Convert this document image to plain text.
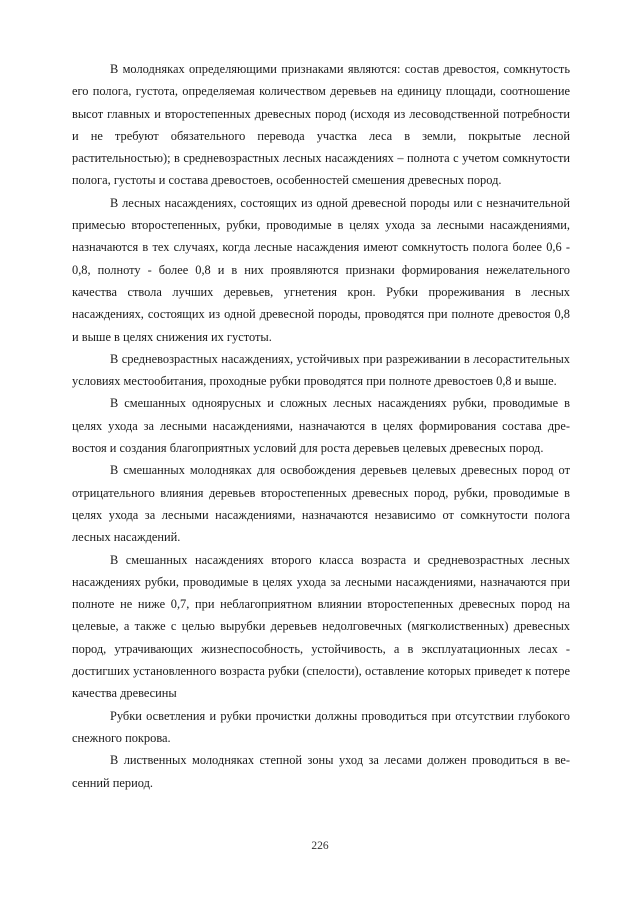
В молодняках определяющими признаками являются: состав древостоя, сомкнутость его полога, густота, определяемая количеством деревьев на единицу площади, соотношение высот главных и второстепенных древесных пород (исходя из лесоводственной потребности и не требуют обязательного перевода участка леса в земли, покрытые лесной растительностью); в средневозрастных лесных насаждениях – полнота с учетом сомкнутости полога, густоты и состава древостоев, особенностей смешения древесных пород.

В лесных насаждениях, состоящих из одной древесной породы или с незначительной примесью второстепенных, рубки, проводимые в целях ухода за лесными насаждениями, назначаются в тех случаях, когда лесные насаждения имеют сомкнутость полога более 0,6 - 0,8, полноту - более 0,8 и в них проявляются признаки формирования нежелательного качества ствола лучших деревьев, угнетения крон. Рубки прореживания в лесных насаждениях, состоящих из одной древесной породы, проводятся при полноте древостоя 0,8 и выше в целях снижения их густоты.

В средневозрастных насаждениях, устойчивых при разреживании в лесорастительных условиях местообитания, проходные рубки проводятся при полноте древостоев 0,8 и выше.

В смешанных одноярусных и сложных лесных насаждениях рубки, проводимые в целях ухода за лесными насаждениями, назначаются в целях формирования состава древостоя и создания благоприятных условий для роста деревьев целевых древесных пород.

В смешанных молодняках для освобождения деревьев целевых древесных пород от отрицательного влияния деревьев второстепенных древесных пород, рубки, проводимые в целях ухода за лесными насаждениями, назначаются независимо от сомкнутости полога лесных насаждений.

В смешанных насаждениях второго класса возраста и средневозрастных лесных насаждениях рубки, проводимые в целях ухода за лесными насаждениями, назначаются при полноте не ниже 0,7, при неблагоприятном влиянии второстепенных древесных пород на целевые, а также с целью вырубки деревьев недолговечных (мягколиственных) древесных пород, утрачивающих жизнеспособность, устойчивость, а в эксплуатационных лесах - достигших установленного возраста рубки (спелости), оставление которых приведет к потере качества древесины

Рубки осветления и рубки прочистки должны проводиться при отсутствии глубокого снежного покрова.

В лиственных молодняках степной зоны уход за лесами должен проводиться в весенний период.

226
